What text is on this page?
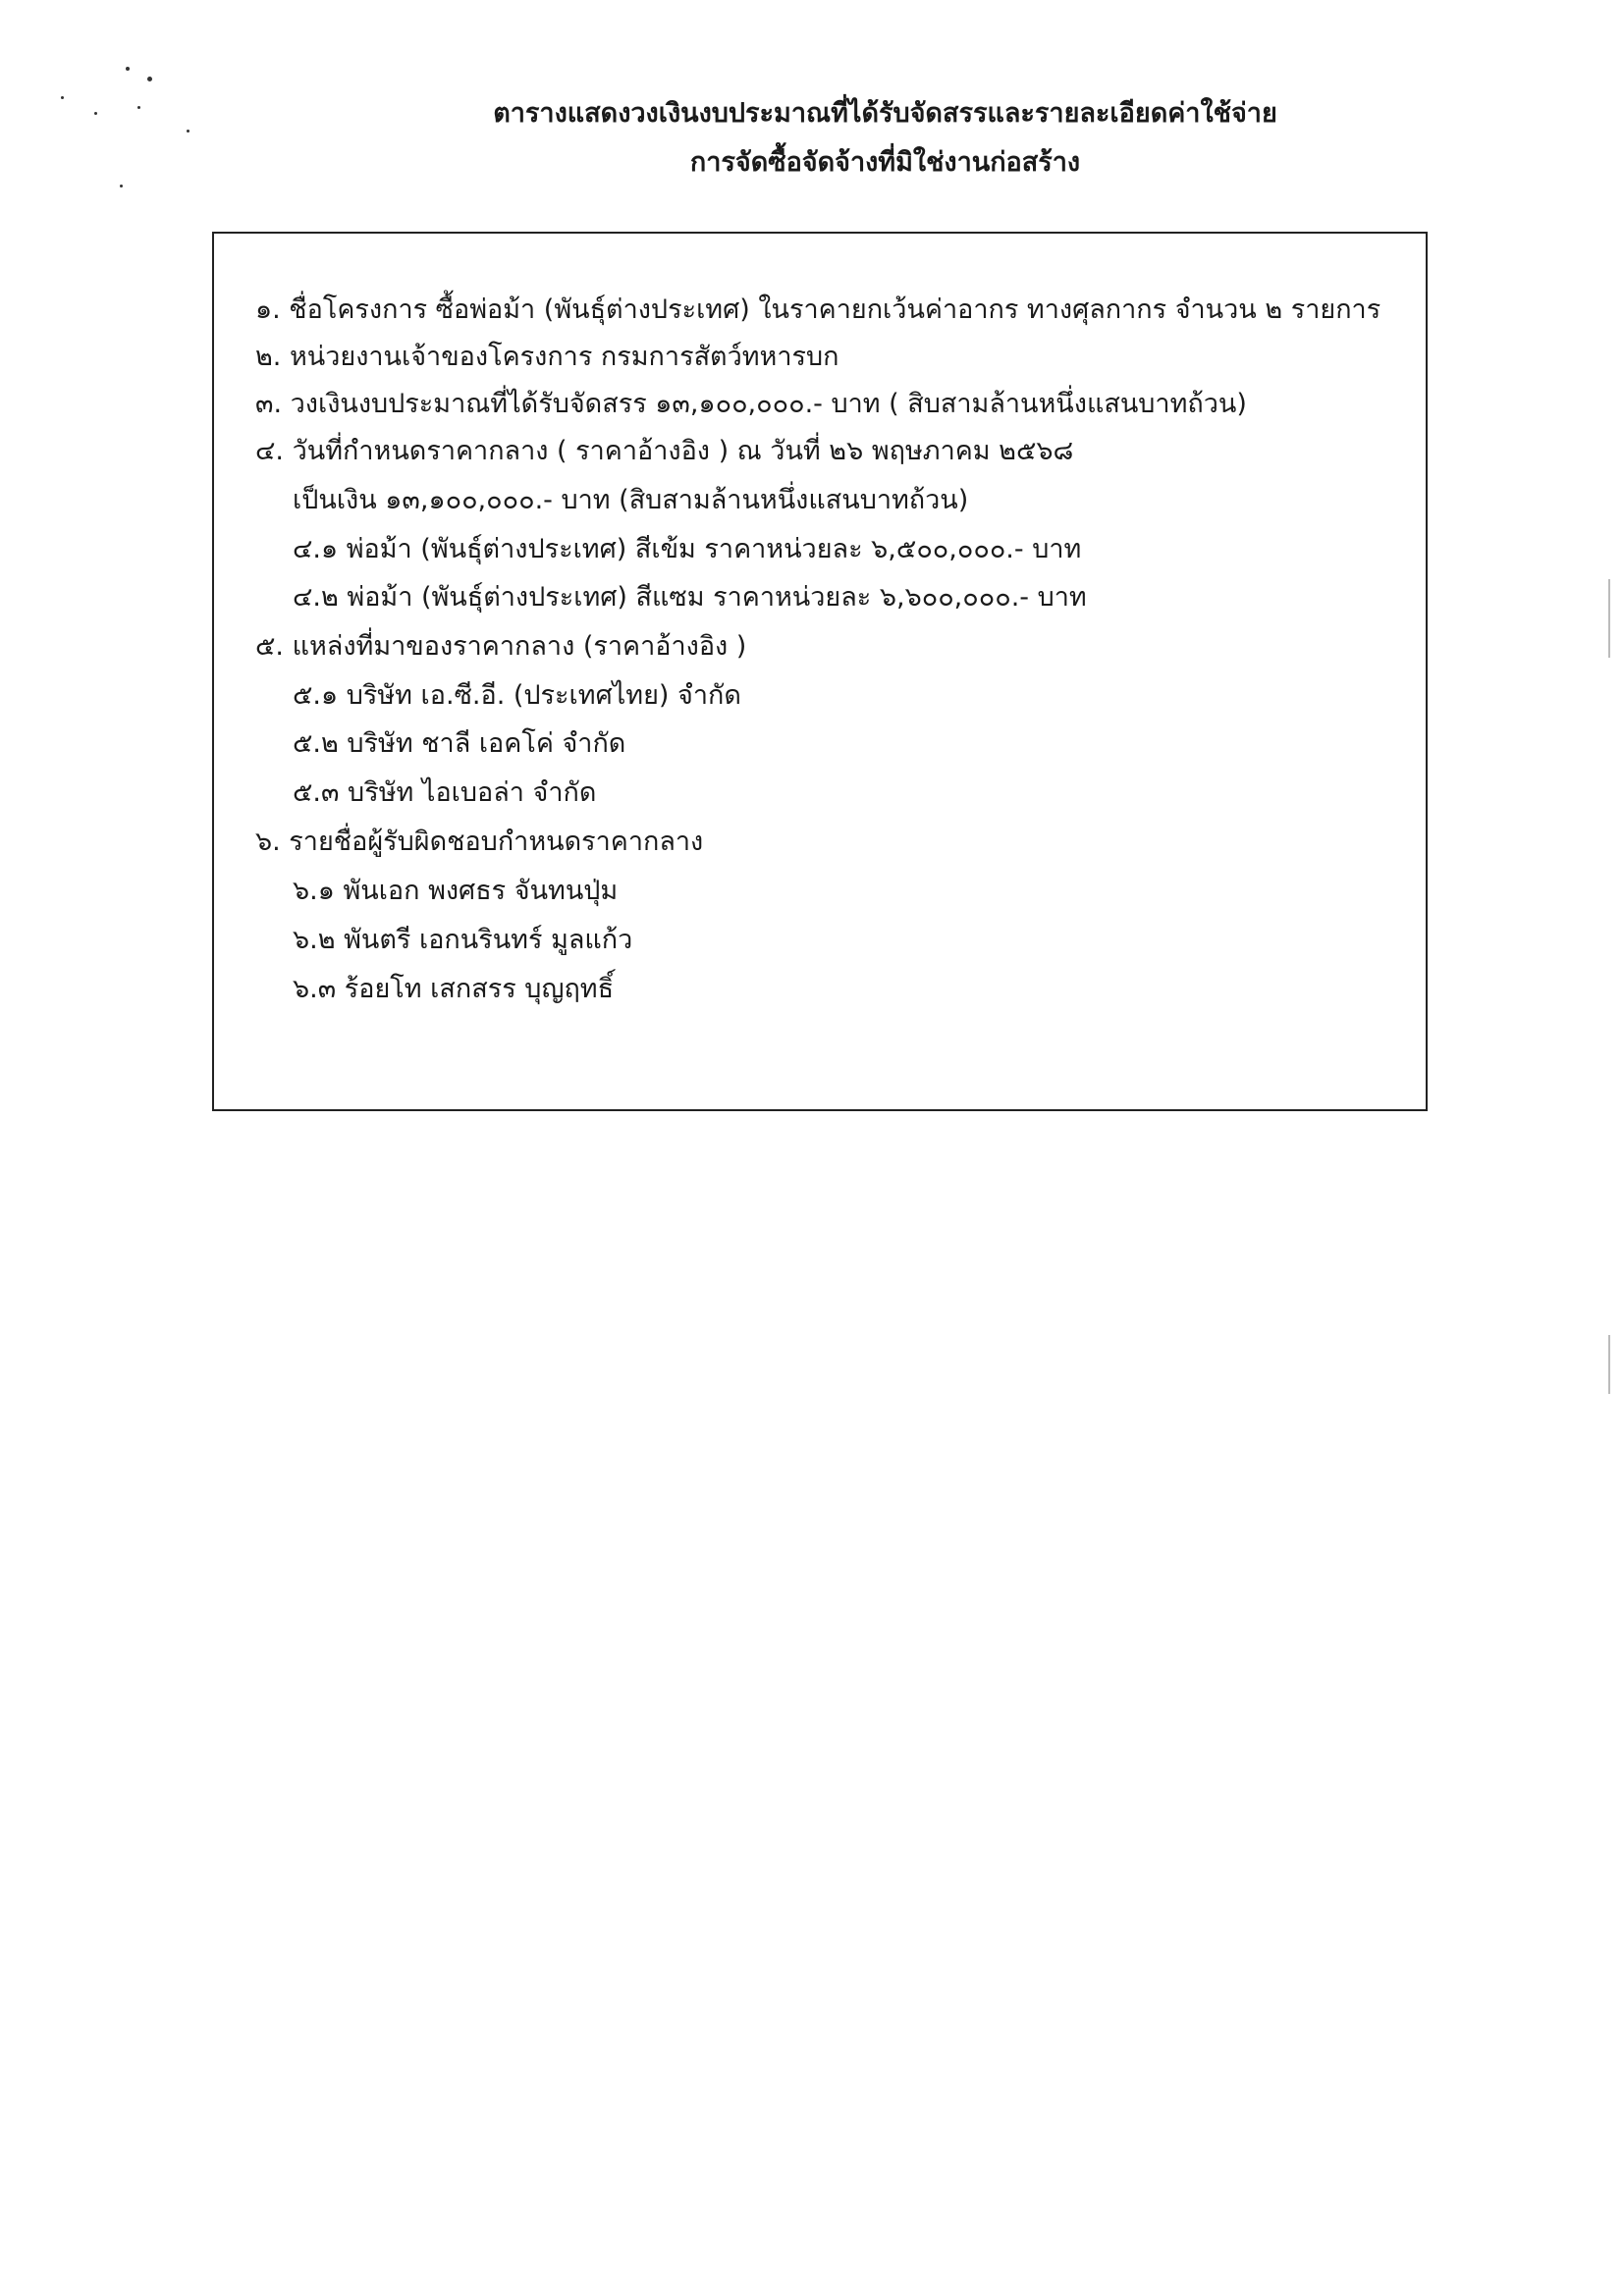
ตารางแสดงวงเงินงบประมาณที่ได้รับจัดสรรและรายละเอียดค่าใช้จ่าย
การจัดซื้อจัดจ้างที่มิใช่งานก่อสร้าง
๑. ชื่อโครงการ ซื้อพ่อม้า (พันธุ์ต่างประเทศ) ในราคายกเว้นค่าอากร ทางศุลกากร จำนวน ๒ รายการ
๒. หน่วยงานเจ้าของโครงการ กรมการสัตว์ทหารบก
๓. วงเงินงบประมาณที่ได้รับจัดสรร ๑๓,๑๐๐,๐๐๐.- บาท ( สิบสามล้านหนึ่งแสนบาทถ้วน)
๔. วันที่กำหนดราคากลาง ( ราคาอ้างอิง ) ณ วันที่ ๒๖ พฤษภาคม ๒๕๖๘
เป็นเงิน ๑๓,๑๐๐,๐๐๐.- บาท (สิบสามล้านหนึ่งแสนบาทถ้วน)
๔.๑ พ่อม้า (พันธุ์ต่างประเทศ) สีเข้ม ราคาหน่วยละ ๖,๕๐๐,๐๐๐.- บาท
๔.๒ พ่อม้า (พันธุ์ต่างประเทศ) สีแซม ราคาหน่วยละ ๖,๖๐๐,๐๐๐.- บาท
๕. แหล่งที่มาของราคากลาง (ราคาอ้างอิง )
๕.๑ บริษัท เอ.ซี.อี. (ประเทศไทย) จำกัด
๕.๒ บริษัท ชาลี เอคโค่ จำกัด
๕.๓ บริษัท ไอเบอล่า จำกัด
๖. รายชื่อผู้รับผิดชอบกำหนดราคากลาง
๖.๑ พันเอก พงศธร จันทนปุ่ม
๖.๒ พันตรี เอกนรินทร์ มูลแก้ว
๖.๓ ร้อยโท เสกสรร บุญฤทธิ์
